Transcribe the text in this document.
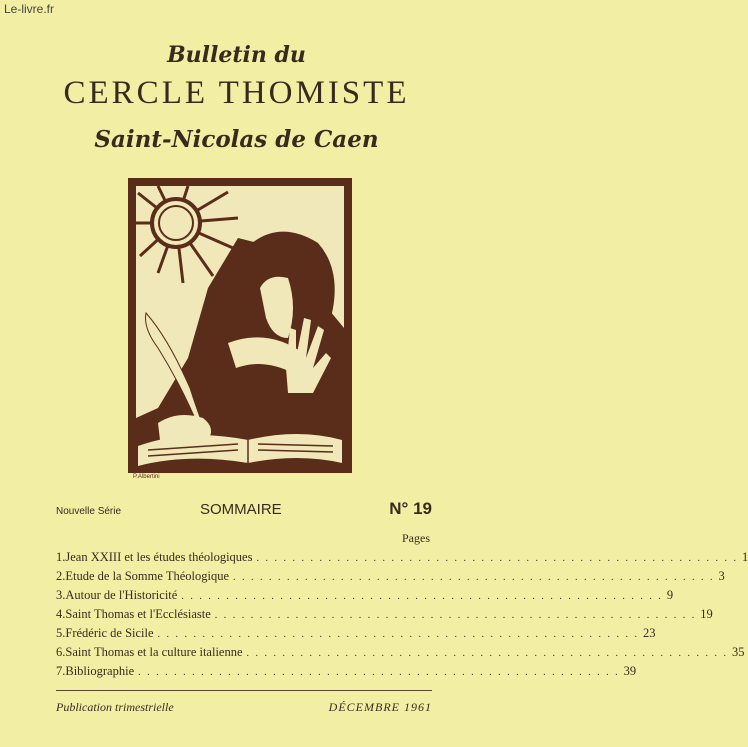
Le-livre.fr
Bulletin du
CERCLE THOMISTE
Saint-Nicolas de Caen
P.Albertini
Nouvelle Série	SOMMAIRE	N° 19
Pages
1. Jean XXIII et les études théologiques . . . . . . . . . . . . . . . . . . . . . . . . . . . . . . . . . . . . . . . . . . . . . . . . . . . . . . 1
2. Etude de la Somme Théologique . . . . . . . . . . . . . . . . . . . . . . . . . . . . . . . . . . . . . . . . . . . . . . . . . . . . . . 3
3. Autour de l'Historicité . . . . . . . . . . . . . . . . . . . . . . . . . . . . . . . . . . . . . . . . . . . . . . . . . . . . . . 9
4. Saint Thomas et l'Ecclésiaste . . . . . . . . . . . . . . . . . . . . . . . . . . . . . . . . . . . . . . . . . . . . . . . . . . . . . . 19
5. Frédéric de Sicile . . . . . . . . . . . . . . . . . . . . . . . . . . . . . . . . . . . . . . . . . . . . . . . . . . . . . . 23
6. Saint Thomas et la culture italienne . . . . . . . . . . . . . . . . . . . . . . . . . . . . . . . . . . . . . . . . . . . . . . . . . . . . . . 35
7. Bibliographie . . . . . . . . . . . . . . . . . . . . . . . . . . . . . . . . . . . . . . . . . . . . . . . . . . . . . . 39
Publication trimestrielle	DÉCEMBRE 1961
